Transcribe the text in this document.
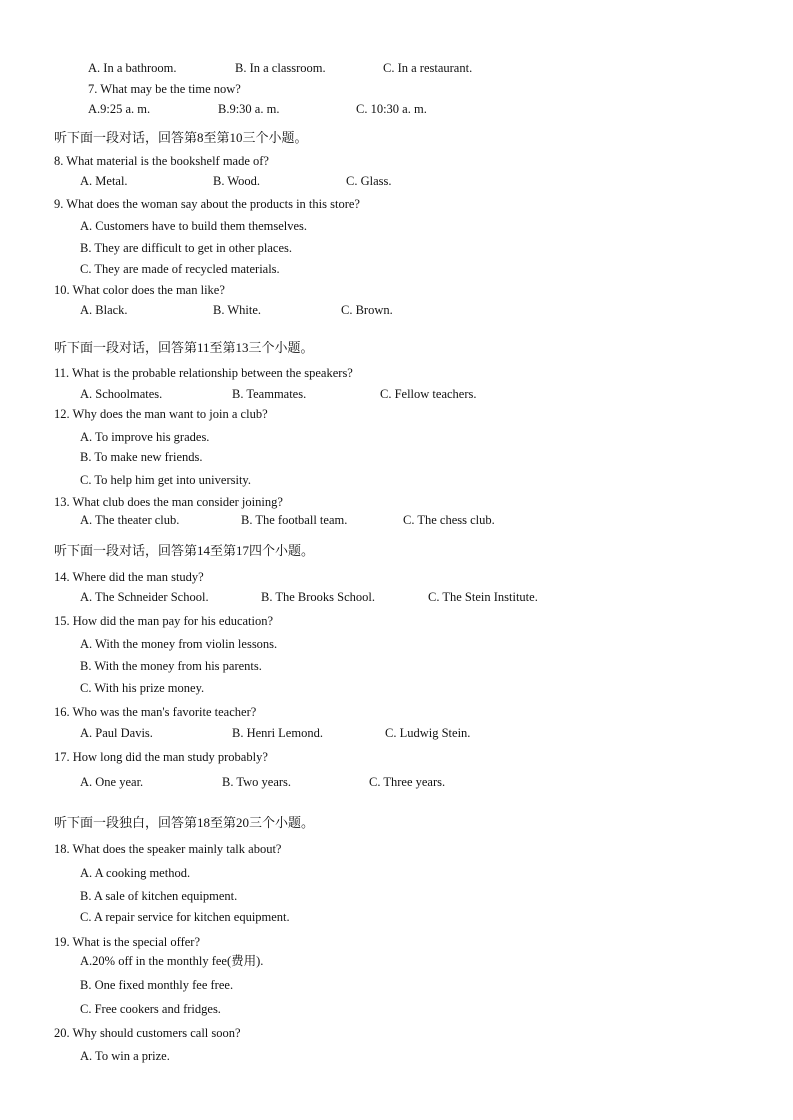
A. In a bathroom.	B. In a classroom.	C. In a restaurant.
7. What may be the time now?
A.9:25 a. m.	B.9:30 a. m.	C. 10:30 a. m.
听下面一段对话，回答第8至第10三个小题。
8. What material is the bookshelf made of?
A. Metal.	B. Wood.	C. Glass.
9. What does the woman say about the products in this store?
A. Customers have to build them themselves.
B. They are difficult to get in other places.
C. They are made of recycled materials.
10. What color does the man like?
A. Black.	B. White.	C. Brown.
听下面一段对话，回答第11至第13三个小题。
11. What is the probable relationship between the speakers?
A. Schoolmates.	B. Teammates.	C. Fellow teachers.
12. Why does the man want to join a club?
A. To improve his grades.
B. To make new friends.
C. To help him get into university.
13. What club does the man consider joining?
A. The theater club.	B. The football team.	C. The chess club.
听下面一段对话，回答第14至第17四个小题。
14. Where did the man study?
A. The Schneider School.	B. The Brooks School.	C. The Stein Institute.
15. How did the man pay for his education?
A. With the money from violin lessons.
B. With the money from his parents.
C. With his prize money.
16. Who was the man's favorite teacher?
A. Paul Davis.	B. Henri Lemond.	C. Ludwig Stein.
17. How long did the man study probably?
A. One year.	B. Two years.	C. Three years.
听下面一段独白，回答第18至第20三个小题。
18. What does the speaker mainly talk about?
A. A cooking method.
B. A sale of kitchen equipment.
C. A repair service for kitchen equipment.
19. What is the special offer?
A.20% off in the monthly fee(费用).
B. One fixed monthly fee free.
C. Free cookers and fridges.
20. Why should customers call soon?
A. To win a prize.
